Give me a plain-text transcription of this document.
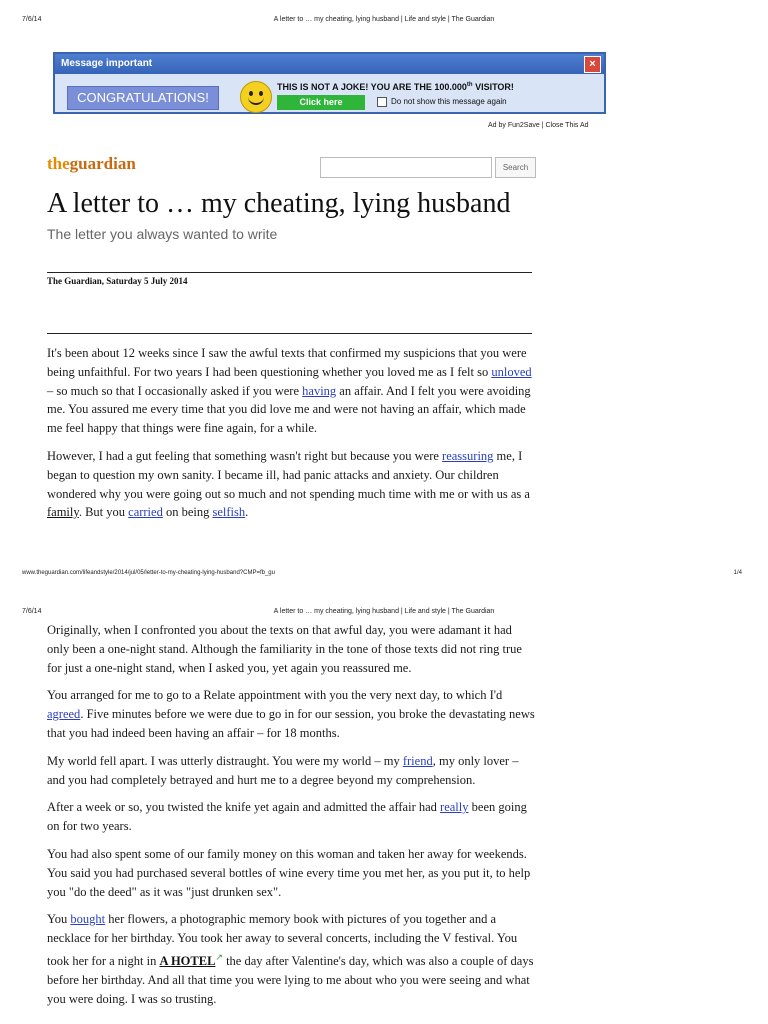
7/6/14	A letter to … my cheating, lying husband | Life and style | The Guardian
Message important	×
CONGRATULATIONS!
THIS IS NOT A JOKE! YOU ARE THE 100.000th VISITOR!
Click here	Do not show this message again
Ad by Fun2Save | Close This Ad
theguardian	Search
A letter to … my cheating, lying husband
The letter you always wanted to write
The Guardian, Saturday 5 July 2014

It's been about 12 weeks since I saw the awful texts that confirmed my suspicions that you were being unfaithful. For two years I had been questioning whether you loved me as I felt so unloved – so much so that I occasionally asked if you were having an affair. And I felt you were avoiding me. You assured me every time that you did love me and were not having an affair, which made me feel happy that things were fine again, for a while.

However, I had a gut feeling that something wasn't right but because you were reassuring me, I began to question my own sanity. I became ill, had panic attacks and anxiety. Our children wondered why you were going out so much and not spending much time with me or with us as a family. But you carried on being selfish.

www.theguardian.com/lifeandstyle/2014/jul/05/letter-to-my-cheating-lying-husband?CMP=fb_gu	1/4
7/6/14	A letter to … my cheating, lying husband | Life and style | The Guardian

Originally, when I confronted you about the texts on that awful day, you were adamant it had only been a one-night stand. Although the familiarity in the tone of those texts did not ring true for just a one-night stand, when I asked you, yet again you reassured me.

You arranged for me to go to a Relate appointment with you the very next day, to which I'd agreed. Five minutes before we were due to go in for our session, you broke the devastating news that you had indeed been having an affair – for 18 months.

My world fell apart. I was utterly distraught. You were my world – my friend, my only lover – and you had completely betrayed and hurt me to a degree beyond my comprehension.

After a week or so, you twisted the knife yet again and admitted the affair had really been going on for two years.

You had also spent some of our family money on this woman and taken her away for weekends. You said you had purchased several bottles of wine every time you met her, as you put it, to help you "do the deed" as it was "just drunken sex".

You bought her flowers, a photographic memory book with pictures of you together and a necklace for her birthday. You took her away to several concerts, including the V festival. You took her for a night in A HOTEL↗ the day after Valentine's day, which was also a couple of days before her birthday. And all that time you were lying to me about who you were seeing and what you were doing. I was so trusting.
